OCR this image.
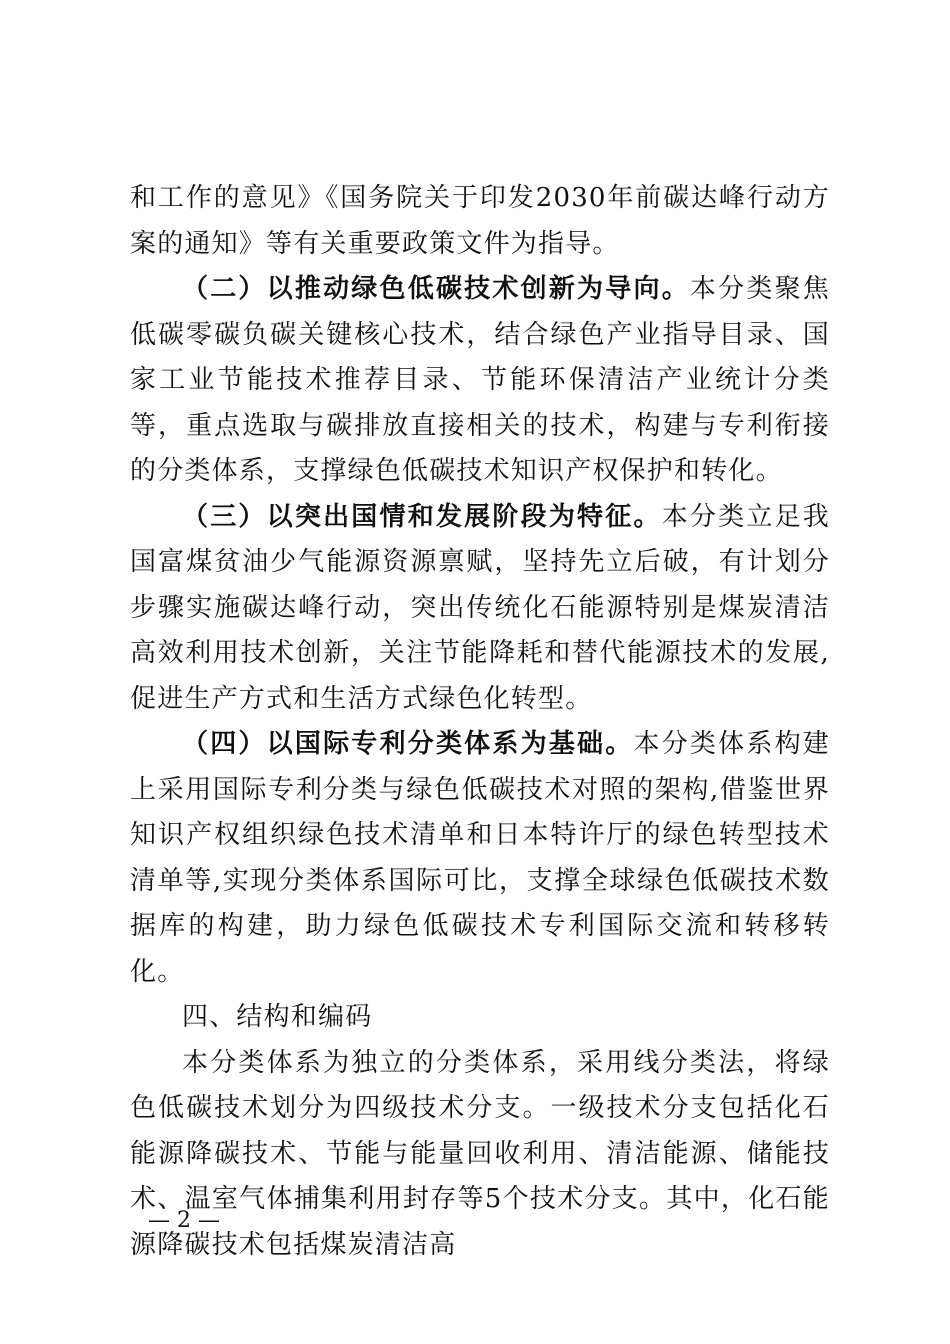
和工作的意见》《国务院关于印发2030年前碳达峰行动方案的通知》等有关重要政策文件为指导。

（二）以推动绿色低碳技术创新为导向。本分类聚焦低碳零碳负碳关键核心技术，结合绿色产业指导目录、国家工业节能技术推荐目录、节能环保清洁产业统计分类等，重点选取与碳排放直接相关的技术，构建与专利衔接的分类体系，支撑绿色低碳技术知识产权保护和转化。

（三）以突出国情和发展阶段为特征。本分类立足我国富煤贫油少气能源资源禀赋，坚持先立后破，有计划分步骤实施碳达峰行动，突出传统化石能源特别是煤炭清洁高效利用技术创新，关注节能降耗和替代能源技术的发展,促进生产方式和生活方式绿色化转型。

（四）以国际专利分类体系为基础。本分类体系构建上采用国际专利分类与绿色低碳技术对照的架构,借鉴世界知识产权组织绿色技术清单和日本特许厅的绿色转型技术清单等,实现分类体系国际可比，支撑全球绿色低碳技术数据库的构建，助力绿色低碳技术专利国际交流和转移转化。

四、结构和编码

本分类体系为独立的分类体系，采用线分类法，将绿色低碳技术划分为四级技术分支。一级技术分支包括化石能源降碳技术、节能与能量回收利用、清洁能源、储能技术、温室气体捕集利用封存等5个技术分支。其中，化石能源降碳技术包括煤炭清洁高

— 2 —
